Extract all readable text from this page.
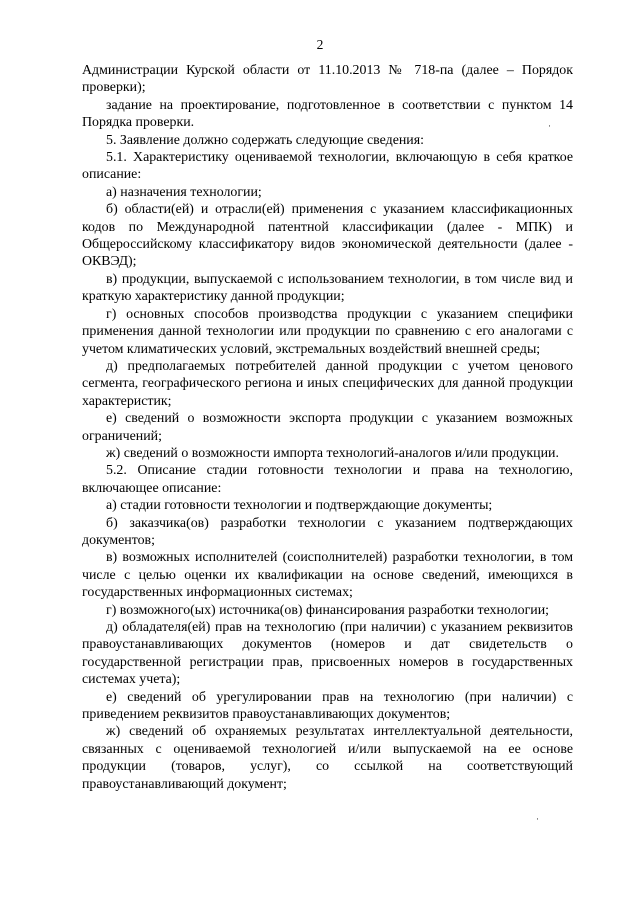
2

Администрации Курской области от 11.10.2013 № 718-па (далее – Порядок проверки);

задание на проектирование, подготовленное в соответствии с пунктом 14 Порядка проверки.

5. Заявление должно содержать следующие сведения:

5.1. Характеристику оцениваемой технологии, включающую в себя краткое описание:

а) назначения технологии;

б) области(ей) и отрасли(ей) применения с указанием классификационных кодов по Международной патентной классификации (далее - МПК) и Общероссийскому классификатору видов экономической деятельности (далее - ОКВЭД);

в) продукции, выпускаемой с использованием технологии, в том числе вид и краткую характеристику данной продукции;

г) основных способов производства продукции с указанием специфики применения данной технологии или продукции по сравнению с его аналогами с учетом климатических условий, экстремальных воздействий внешней среды;

д) предполагаемых потребителей данной продукции с учетом ценового сегмента, географического региона и иных специфических для данной продукции характеристик;

е) сведений о возможности экспорта продукции с указанием возможных ограничений;

ж) сведений о возможности импорта технологий-аналогов и/или продукции.

5.2. Описание стадии готовности технологии и права на технологию, включающее описание:

а) стадии готовности технологии и подтверждающие документы;

б) заказчика(ов) разработки технологии с указанием подтверждающих документов;

в) возможных исполнителей (соисполнителей) разработки технологии, в том числе с целью оценки их квалификации на основе сведений, имеющихся в государственных информационных системах;

г) возможного(ых) источника(ов) финансирования разработки технологии;

д) обладателя(ей) прав на технологию (при наличии) с указанием реквизитов правоустанавливающих документов (номеров и дат свидетельств о государственной регистрации прав, присвоенных номеров в государственных системах учета);

е) сведений об урегулировании прав на технологию (при наличии) с приведением реквизитов правоустанавливающих документов;

ж) сведений об охраняемых результатах интеллектуальной деятельности, связанных с оцениваемой технологией и/или выпускаемой на ее основе продукции (товаров, услуг), со ссылкой на соответствующий правоустанавливающий документ;

·
·
